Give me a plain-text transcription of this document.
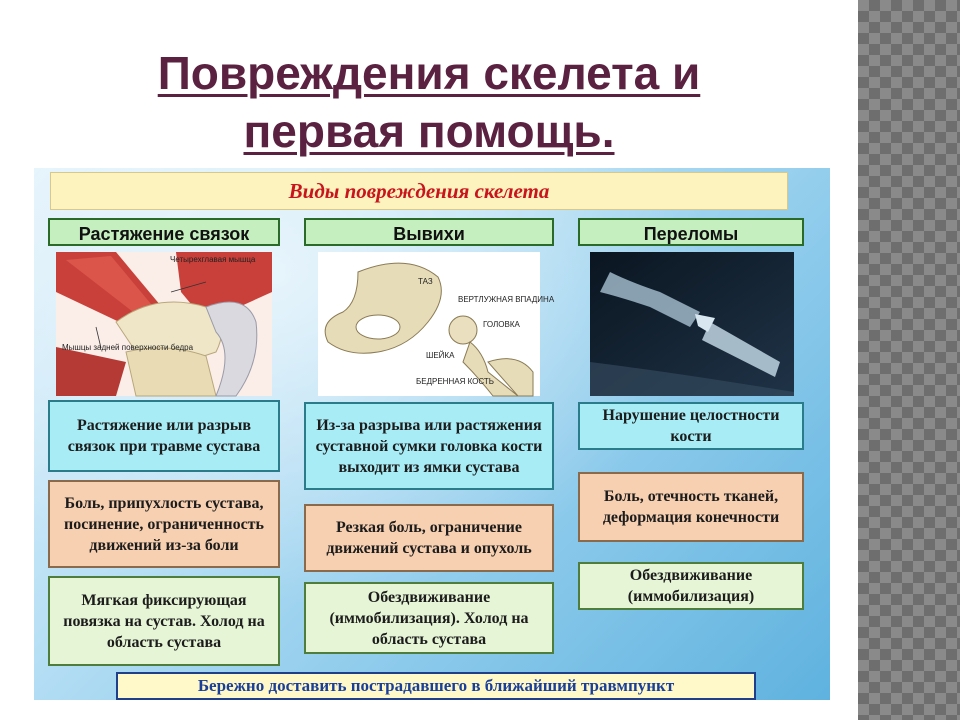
Повреждения скелета и
первая помощь.
Виды повреждения скелета
Растяжение связок	Вывихи	Переломы
Четырехглавая мышца
Мышцы задней поверхности бедра
ТАЗ
ВЕРТЛУЖНАЯ ВПАДИНА
ГОЛОВКА
ШЕЙКА
БЕДРЕННАЯ КОСТЬ
Растяжение или разрыв связок при травме сустава
Из-за разрыва или растяжения суставной сумки головка кости выходит из ямки сустава
Нарушение целостности кости
Боль, припухлость сустава, посинение, ограниченность движений из-за боли
Резкая боль, ограничение движений сустава и опухоль
Боль, отечность тканей, деформация конечности
Мягкая фиксирующая повязка на сустав. Холод на область сустава
Обездвиживание (иммобилизация). Холод на область сустава
Обездвиживание (иммобилизация)
Бережно доставить пострадавшего в ближайший травмпункт
